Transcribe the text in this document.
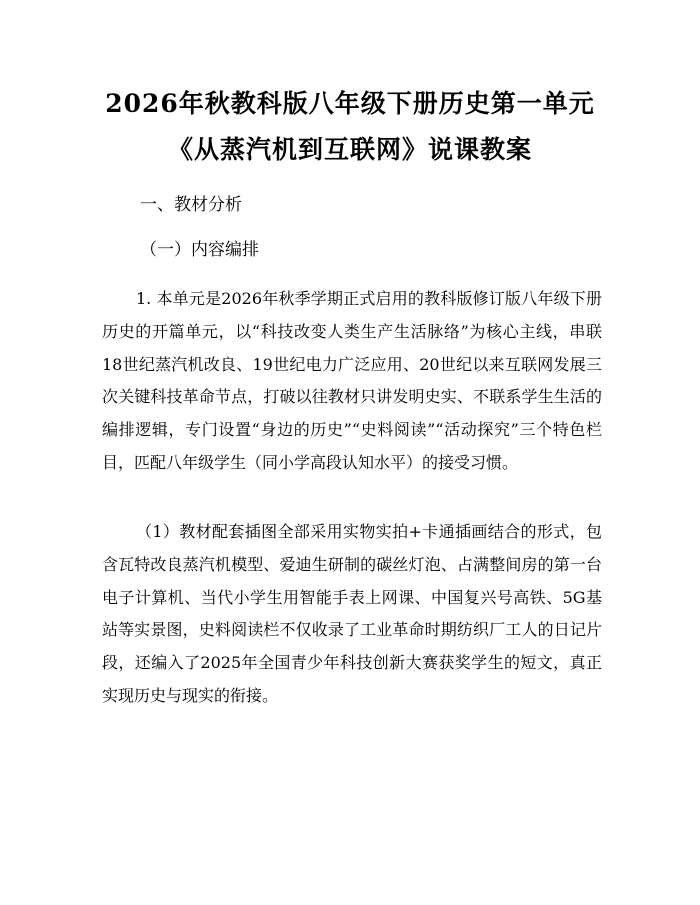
2026年秋教科版八年级下册历史第一单元
《从蒸汽机到互联网》说课教案
一、教材分析
（一）内容编排

1. 本单元是2026年秋季学期正式启用的教科版修订版八年级下册历史的开篇单元，以“科技改变人类生产生活脉络”为核心主线，串联18世纪蒸汽机改良、19世纪电力广泛应用、20世纪以来互联网发展三次关键科技革命节点，打破以往教材只讲发明史实、不联系学生生活的编排逻辑，专门设置“身边的历史”“史料阅读”“活动探究”三个特色栏目，匹配八年级学生（同小学高段认知水平）的接受习惯。

（1）教材配套插图全部采用实物实拍+卡通插画结合的形式，包含瓦特改良蒸汽机模型、爱迪生研制的碳丝灯泡、占满整间房的第一台电子计算机、当代小学生用智能手表上网课、中国复兴号高铁、5G基站等实景图，史料阅读栏不仅收录了工业革命时期纺织厂工人的日记片段，还编入了2025年全国青少年科技创新大赛获奖学生的短文，真正实现历史与现实的衔接。
